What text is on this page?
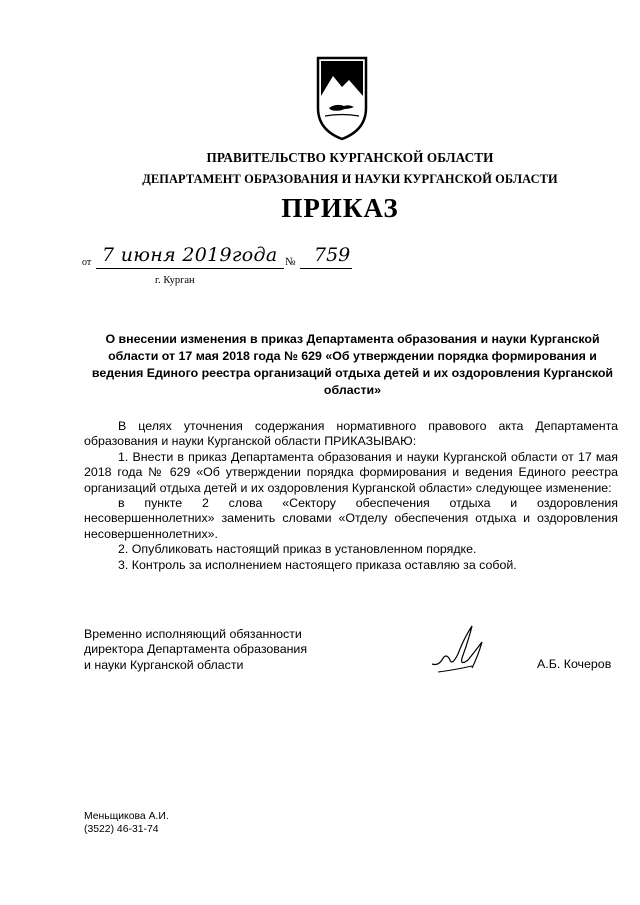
ПРАВИТЕЛЬСТВО КУРГАНСКОЙ ОБЛАСТИ
ДЕПАРТАМЕНТ ОБРАЗОВАНИЯ И НАУКИ КУРГАНСКОЙ ОБЛАСТИ
ПРИКАЗ
от 7 июня 2019года № 759
г. Курган
О внесении изменения в приказ Департамента образования и науки Курганской области от 17 мая 2018 года № 629 «Об утверждении порядка формирования и ведения Единого реестра организаций отдыха детей и их оздоровления Курганской области»

В целях уточнения содержания нормативного правового акта Департамента образования и науки Курганской области ПРИКАЗЫВАЮ:

1. Внести в приказ Департамента образования и науки Курганской области от 17 мая 2018 года № 629 «Об утверждении порядка формирования и ведения Единого реестра организаций отдыха детей и их оздоровления Курганской области» следующее изменение:

в пункте 2 слова «Сектору обеспечения отдыха и оздоровления несовершеннолетних» заменить словами «Отделу обеспечения отдыха и оздоровления несовершеннолетних».

2. Опубликовать настоящий приказ в установленном порядке.

3. Контроль за исполнением настоящего приказа оставляю за собой.

Временно исполняющий обязанности
директора Департамента образования
и науки Курганской области	А.Б. Кочеров
Меньщикова А.И.
(3522) 46-31-74
